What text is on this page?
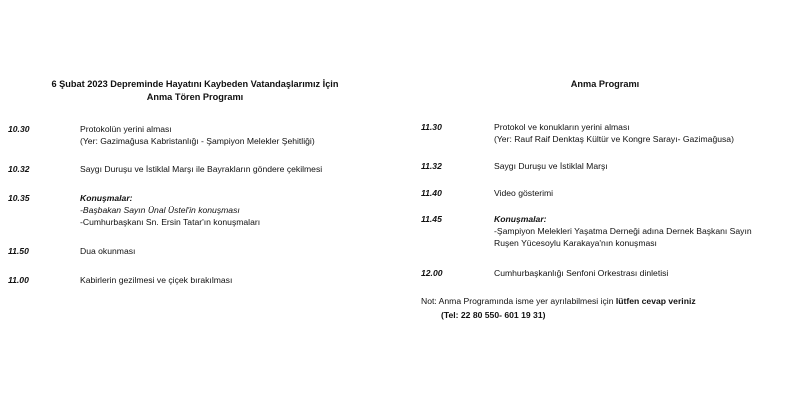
6 Şubat 2023 Depreminde Hayatını Kaybeden Vatandaşlarımız İçin
Anma Tören Programı
10.30	Protokolün yerini alması
(Yer: Gazimağusa Kabristanlığı - Şampiyon Melekler Şehitliği)
10.32	Saygı Duruşu ve İstiklal Marşı ile Bayrakların göndere çekilmesi
10.35	Konuşmalar:
-Başbakan Sayın Ünal Üstel'in konuşması
-Cumhurbaşkanı Sn. Ersin Tatar'ın konuşmaları
11.50	Dua okunması
11.00	Kabirlerin gezilmesi ve çiçek bırakılması
Anma Programı
11.30	Protokol ve konukların yerini alması
(Yer: Rauf Raif Denktaş Kültür ve Kongre Sarayı- Gazimağusa)
11.32	Saygı Duruşu ve İstiklal Marşı
11.40	Video gösterimi
11.45	Konuşmalar:
-Şampiyon Melekleri Yaşatma Derneği adına Dernek Başkanı Sayın
Ruşen Yücesoylu Karakaya'nın konuşması
12.00	Cumhurbaşkanlığı Senfoni Orkestrası dinletisi
Not: Anma Programında isme yer ayrılabilmesi için lütfen cevap veriniz
(Tel: 22 80 550- 601 19 31)
